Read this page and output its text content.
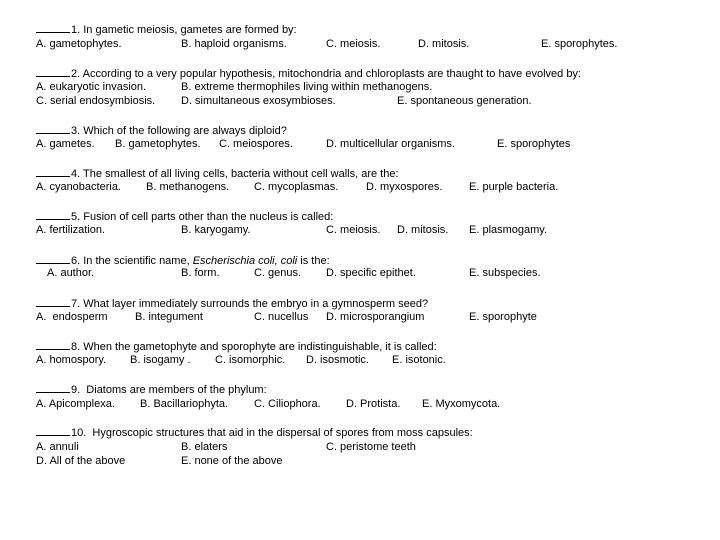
1. In gametic meiosis, gametes are formed by:
A. gametophytes.	B. haploid organisms.	C. meiosis.	D. mitosis.	E. sporophytes.
2. According to a very popular hypothesis, mitochondria and chloroplasts are thaught to have evolved by:
A. eukaryotic invasion.	B. extreme thermophiles living within methanogens.
C. serial endosymbiosis. D. simultaneous exosymbioses.	E. spontaneous generation.
3. Which of the following are always diploid?
A. gametes. B. gametophytes. C. meiospores.	D. multicellular organisms.	E. sporophytes
4. The smallest of all living cells, bacteria without cell walls, are the:
A. cyanobacteria. B. methanogens. C. mycoplasmas.	D. myxospores. E. purple bacteria.
5. Fusion of cell parts other than the nucleus is called:
A. fertilization.	B. karyogamy.	C. meiosis. D. mitosis. E. plasmogamy.
6. In the scientific name, Escherischia coli, coli is the:
A. author.	B. form.	C. genus. D. specific epithet.	E. subspecies.
7. What layer immediately surrounds the embryo in a gymnosperm seed?
A.  endosperm B. integument	C. nucellus D. microsporangium	E. sporophyte
8. When the gametophyte and sporophyte are indistinguishable, it is called:
A. homospory. B. isogamy . C. isomorphic. D. isosmotic. E. isotonic.
9.  Diatoms are members of the phylum:
A. Apicomplexa. B. Bacillariophyta. C. Ciliophora. D. Protista. E. Myxomycota.
10.  Hygroscopic structures that aid in the dispersal of spores from moss capsules:
A. annuli	B. elaters	C. peristome teeth
D. All of the above	E. none of the above
